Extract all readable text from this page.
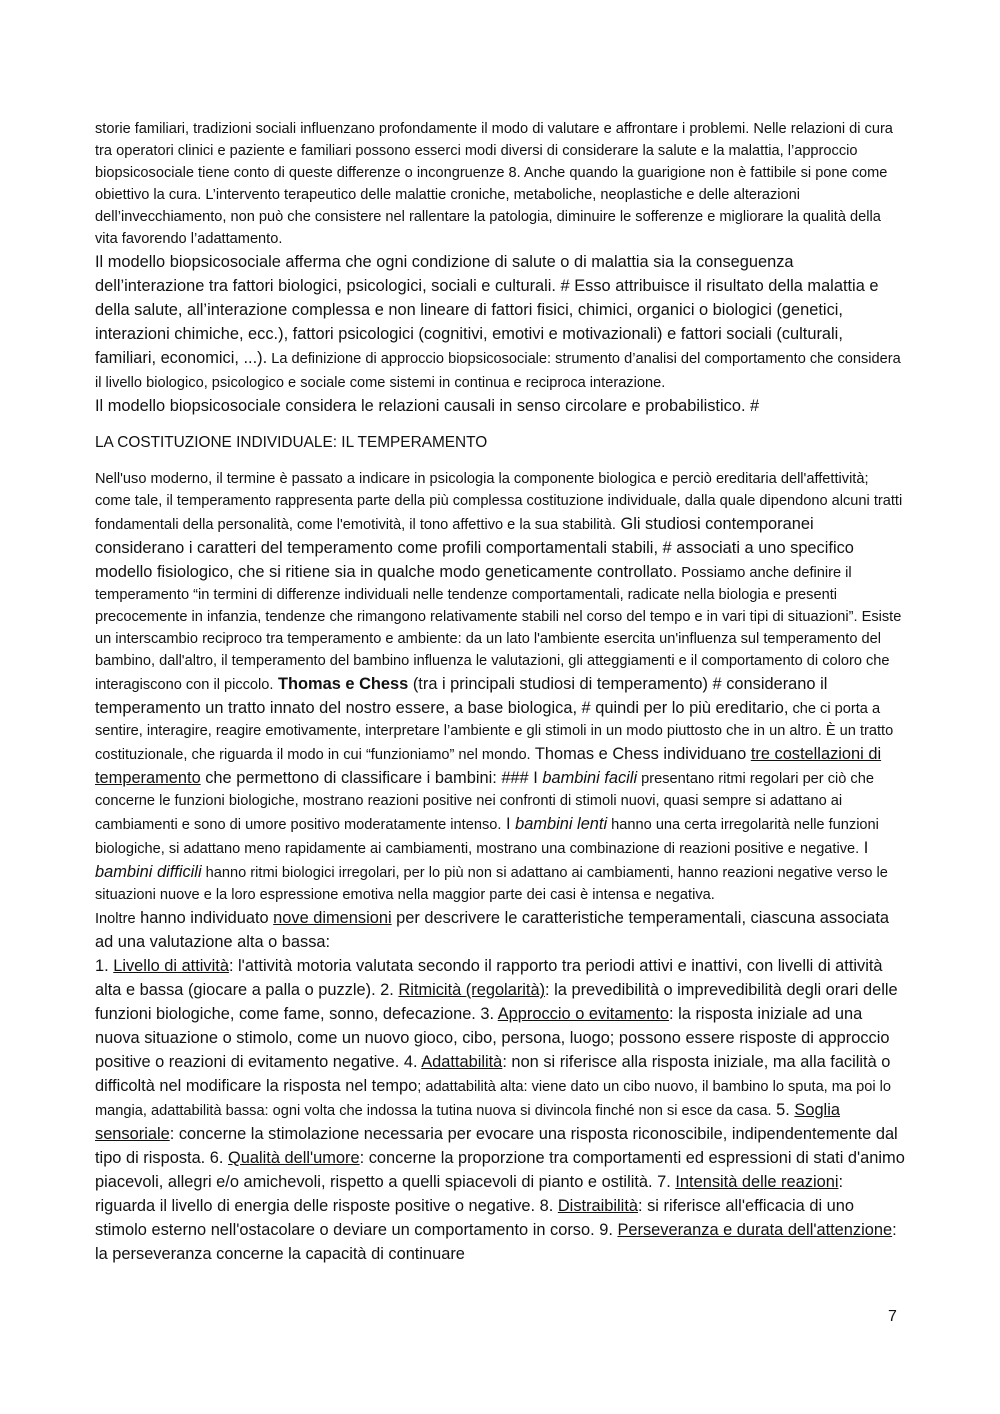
storie familiari, tradizioni sociali influenzano profondamente il modo di valutare e affrontare i problemi. Nelle relazioni di cura tra operatori clinici e paziente e familiari possono esserci modi diversi di considerare la salute e la malattia, l’approccio biopsicosociale tiene conto di queste differenze o incongruenze 8. Anche quando la guarigione non è fattibile si pone come obiettivo la cura. L’intervento terapeutico delle malattie croniche, metaboliche, neoplastiche e delle alterazioni dell’invecchiamento, non può che consistere nel rallentare la patologia, diminuire le sofferenze e migliorare la qualità della vita favorendo l’adattamento.

Il modello biopsicosociale afferma che ogni condizione di salute o di malattia sia la conseguenza dell’interazione tra fattori biologici, psicologici, sociali e culturali. # Esso attribuisce il risultato della malattia e della salute, all’interazione complessa e non lineare di fattori fisici, chimici, organici o biologici (genetici, interazioni chimiche, ecc.), fattori psicologici (cognitivi, emotivi e motivazionali) e fattori sociali (culturali, familiari, economici, ...). La definizione di approccio biopsicosociale: strumento d’analisi del comportamento che considera il livello biologico, psicologico e sociale come sistemi in continua e reciproca interazione.

Il modello biopsicosociale considera le relazioni causali in senso circolare e probabilistico. #

LA COSTITUZIONE INDIVIDUALE: IL TEMPERAMENTO

Nell'uso moderno, il termine è passato a indicare in psicologia la componente biologica e perciò ereditaria dell'affettività; come tale, il temperamento rappresenta parte della più complessa costituzione individuale, dalla quale dipendono alcuni tratti fondamentali della personalità, come l'emotività, il tono affettivo e la sua stabilità. Gli studiosi contemporanei considerano i caratteri del temperamento come profili comportamentali stabili, # associati a uno specifico modello fisiologico, che si ritiene sia in qualche modo geneticamente controllato. Possiamo anche definire il temperamento “in termini di differenze individuali nelle tendenze comportamentali, radicate nella biologia e presenti precocemente in infanzia, tendenze che rimangono relativamente stabili nel corso del tempo e in vari tipi di situazioni”. Esiste un interscambio reciproco tra temperamento e ambiente: da un lato l'ambiente esercita un'influenza sul temperamento del bambino, dall'altro, il temperamento del bambino influenza le valutazioni, gli atteggiamenti e il comportamento di coloro che interagiscono con il piccolo. Thomas e Chess (tra i principali studiosi di temperamento) # considerano il temperamento un tratto innato del nostro essere, a base biologica, # quindi per lo più ereditario, che ci porta a sentire, interagire, reagire emotivamente, interpretare l’ambiente e gli stimoli in un modo piuttosto che in un altro. È un tratto costituzionale, che riguarda il modo in cui “funzioniamo” nel mondo. Thomas e Chess individuano tre costellazioni di temperamento che permettono di classificare i bambini: ### I bambini facili presentano ritmi regolari per ciò che concerne le funzioni biologiche, mostrano reazioni positive nei confronti di stimoli nuovi, quasi sempre si adattano ai cambiamenti e sono di umore positivo moderatamente intenso. I bambini lenti hanno una certa irregolarità nelle funzioni biologiche, si adattano meno rapidamente ai cambiamenti, mostrano una combinazione di reazioni positive e negative. I bambini difficili hanno ritmi biologici irregolari, per lo più non si adattano ai cambiamenti, hanno reazioni negative verso le situazioni nuove e la loro espressione emotiva nella maggior parte dei casi è intensa e negativa.

Inoltre hanno individuato nove dimensioni per descrivere le caratteristiche temperamentali, ciascuna associata ad una valutazione alta o bassa:

1. Livello di attività: l'attività motoria valutata secondo il rapporto tra periodi attivi e inattivi, con livelli di attività alta e bassa (giocare a palla o puzzle). 2. Ritmicità (regolarità): la prevedibilità o imprevedibilità degli orari delle funzioni biologiche, come fame, sonno, defecazione. 3. Approccio o evitamento: la risposta iniziale ad una nuova situazione o stimolo, come un nuovo gioco, cibo, persona, luogo; possono essere risposte di approccio positive o reazioni di evitamento negative. 4. Adattabilità: non si riferisce alla risposta iniziale, ma alla facilità o difficoltà nel modificare la risposta nel tempo; adattabilità alta: viene dato un cibo nuovo, il bambino lo sputa, ma poi lo mangia, adattabilità bassa: ogni volta che indossa la tutina nuova si divincola finché non si esce da casa. 5. Soglia sensoriale: concerne la stimolazione necessaria per evocare una risposta riconoscibile, indipendentemente dal tipo di risposta. 6. Qualità dell'umore: concerne la proporzione tra comportamenti ed espressioni di stati d'animo piacevoli, allegri e/o amichevoli, rispetto a quelli spiacevoli di pianto e ostilità. 7. Intensità delle reazioni: riguarda il livello di energia delle risposte positive o negative. 8. Distraibilità: si riferisce all'efficacia di uno stimolo esterno nell'ostacolare o deviare un comportamento in corso. 9. Perseveranza e durata dell'attenzione: la perseveranza concerne la capacità di continuare

7
